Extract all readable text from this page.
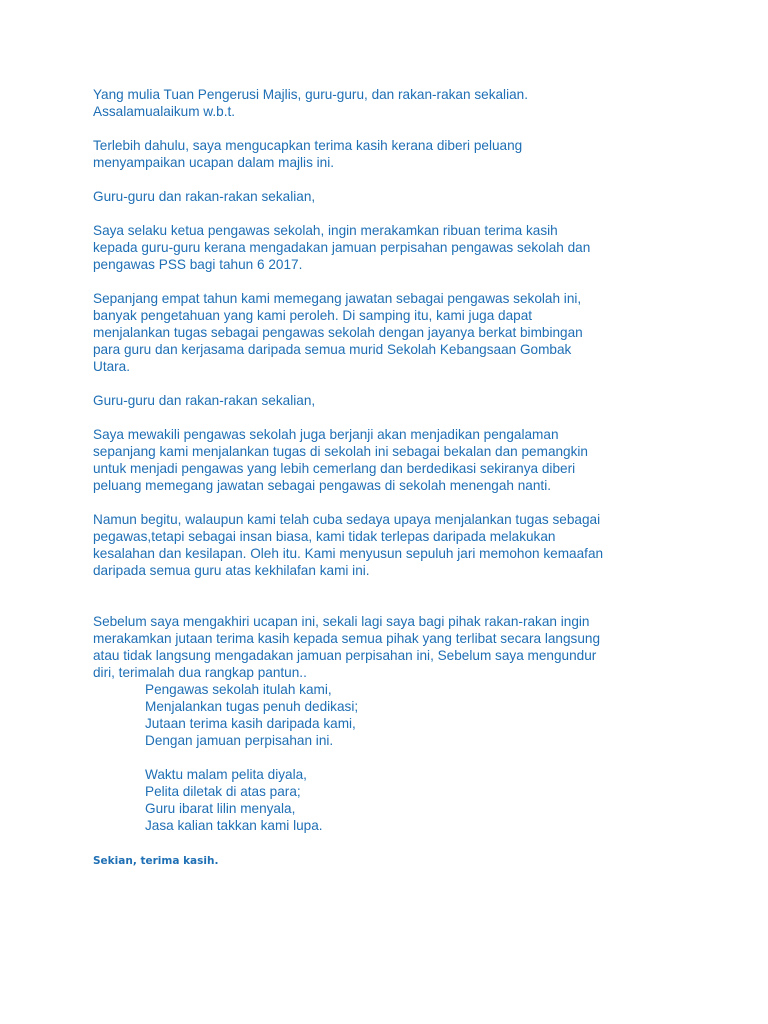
Yang mulia Tuan Pengerusi Majlis, guru-guru, dan rakan-rakan sekalian.
Assalamualaikum w.b.t.
Terlebih dahulu, saya mengucapkan terima kasih kerana diberi peluang
menyampaikan ucapan dalam majlis ini.
Guru-guru dan rakan-rakan sekalian,
Saya selaku ketua pengawas sekolah, ingin merakamkan ribuan terima kasih
kepada guru-guru kerana mengadakan jamuan perpisahan pengawas sekolah dan
pengawas PSS bagi tahun 6 2017.
Sepanjang empat tahun kami memegang jawatan sebagai pengawas sekolah ini,
banyak pengetahuan yang kami peroleh. Di samping itu, kami juga dapat
menjalankan tugas sebagai pengawas sekolah dengan jayanya berkat bimbingan
para guru dan kerjasama daripada semua murid Sekolah Kebangsaan Gombak
Utara.
Guru-guru dan rakan-rakan sekalian,
Saya mewakili pengawas sekolah juga berjanji akan menjadikan pengalaman
sepanjang kami menjalankan tugas di sekolah ini sebagai bekalan dan pemangkin
untuk menjadi pengawas yang lebih cemerlang dan berdedikasi sekiranya diberi
peluang memegang jawatan sebagai pengawas di sekolah menengah nanti.
Namun begitu, walaupun kami telah cuba sedaya upaya menjalankan tugas sebagai
pegawas,tetapi sebagai insan biasa, kami tidak terlepas daripada melakukan
kesalahan dan kesilapan. Oleh itu. Kami menyusun sepuluh jari memohon kemaafan
daripada semua guru atas kekhilafan kami ini.
Sebelum saya mengakhiri ucapan ini, sekali lagi saya bagi pihak rakan-rakan ingin
merakamkan jutaan terima kasih kepada semua pihak yang terlibat secara langsung
atau tidak langsung mengadakan jamuan perpisahan ini, Sebelum saya mengundur
diri, terimalah dua rangkap pantun..
Pengawas sekolah itulah kami,
Menjalankan tugas penuh dedikasi;
Jutaan terima kasih daripada kami,
Dengan jamuan perpisahan ini.
Waktu malam pelita diyala,
Pelita diletak di atas para;
Guru ibarat lilin menyala,
Jasa kalian takkan kami lupa.
Sekian, terima kasih.
